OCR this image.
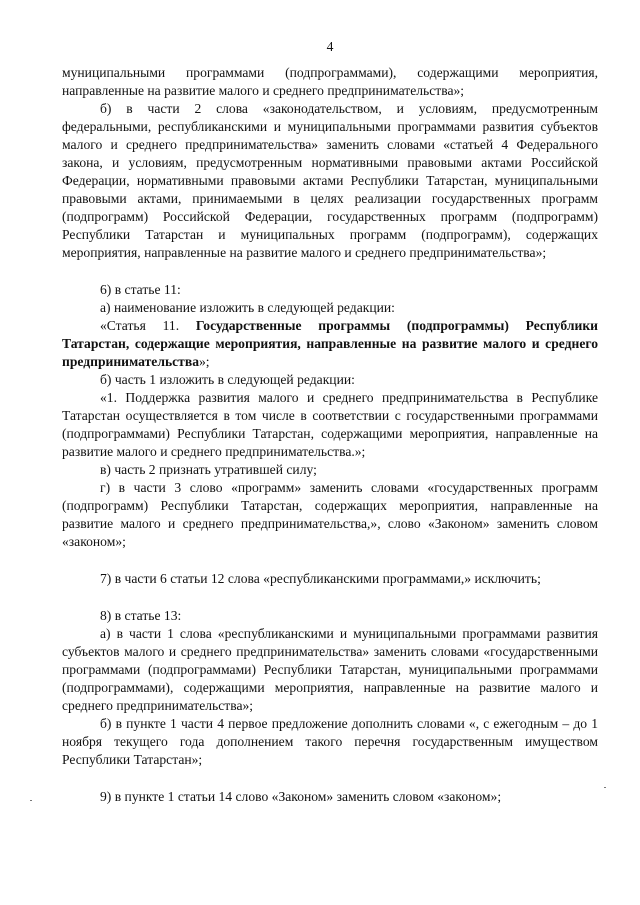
4

муниципальными программами (подпрограммами), содержащими мероприятия, направленные на развитие малого и среднего предпринимательства»;

б) в части 2 слова «законодательством, и условиям, предусмотренным федеральными, республиканскими и муниципальными программами развития субъектов малого и среднего предпринимательства» заменить словами «статьей 4 Федерального закона, и условиям, предусмотренным нормативными правовыми актами Российской Федерации, нормативными правовыми актами Республики Татарстан, муниципальными правовыми актами, принимаемыми в целях реализации государственных программ (подпрограмм) Российской Федерации, государственных программ (подпрограмм) Республики Татарстан и муниципальных программ (подпрограмм), содержащих мероприятия, направленные на развитие малого и среднего предпринимательства»;

6) в статье 11:

а) наименование изложить в следующей редакции:

«Статья 11. Государственные программы (подпрограммы) Республики Татарстан, содержащие мероприятия, направленные на развитие малого и среднего предпринимательства»;

б) часть 1 изложить в следующей редакции:

«1. Поддержка развития малого и среднего предпринимательства в Республике Татарстан осуществляется в том числе в соответствии с государственными программами (подпрограммами) Республики Татарстан, содержащими мероприятия, направленные на развитие малого и среднего предпринимательства.»;

в) часть 2 признать утратившей силу;

г) в части 3 слово «программ» заменить словами «государственных программ (подпрограмм) Республики Татарстан, содержащих мероприятия, направленные на развитие малого и среднего предпринимательства,», слово «Законом» заменить словом «законом»;

7) в части 6 статьи 12 слова «республиканскими программами,» исключить;

8) в статье 13:

а) в части 1 слова «республиканскими и муниципальными программами развития субъектов малого и среднего предпринимательства» заменить словами «государственными программами (подпрограммами) Республики Татарстан, муниципальными программами (подпрограммами), содержащими мероприятия, направленные на развитие малого и среднего предпринимательства»;

б) в пункте 1 части 4 первое предложение дополнить словами «, с ежегодным – до 1 ноября текущего года дополнением такого перечня государственным имуществом Республики Татарстан»;

9) в пункте 1 статьи 14 слово «Законом» заменить словом «законом»;
